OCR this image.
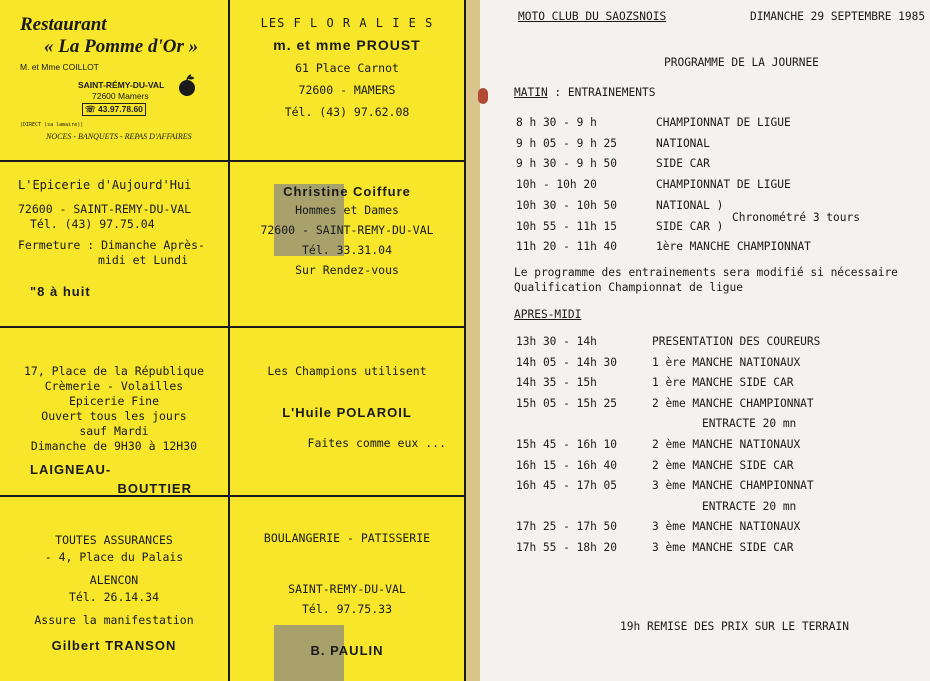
Restaurant
« La Pomme d'Or »
M. et Mme COILLOT
SAINT-RÉMY-DU-VAL
72600 Mamers
☏ 43.97.78.60
(DIRECT (sa lamaire))
NOCES - BANQUETS - REPAS D'AFFAIRES
LES F L O R A L I E S
m. et mme PROUST
61 Place Carnot
72600 - MAMERS
Tél. (43) 97.62.08
L'Epicerie d'Aujourd'Hui
72600 - SAINT-REMY-DU-VAL
Tél. (43) 97.75.04
Fermeture : Dimanche Après-
midi et Lundi
"8 à huit
Christine Coiffure
Hommes et Dames
72600 - SAINT-REMY-DU-VAL
Tél. 33.31.04
Sur Rendez-vous
17, Place de la République
Crèmerie - Volailles
Epicerie Fine
Ouvert tous les jours
sauf Mardi
Dimanche de 9H30 à 12H30
LAIGNEAU-
BOUTTIER
Les Champions utilisent
L'Huile POLAROIL
Faites comme eux ...
TOUTES ASSURANCES
- 4, Place du Palais
ALENCON
Tél. 26.14.34
Assure la manifestation
Gilbert TRANSON
BOULANGERIE - PATISSERIE
SAINT-REMY-DU-VAL
Tél. 97.75.33
B. PAULIN
MOTO CLUB DU SAOZSNOIS	DIMANCHE 29 SEPTEMBRE 1985
PROGRAMME DE LA JOURNEE
MATIN : ENTRAINEMENTS
8 h 30 - 9 h	CHAMPIONNAT DE LIGUE
9 h 05 - 9 h 25	NATIONAL
9 h 30 - 9 h 50	SIDE CAR
10h - 10h 20	CHAMPIONNAT DE LIGUE
10h 30 - 10h 50	NATIONAL )
10h 55 - 11h 15	SIDE CAR )
11h 20 - 11h 40	1ère MANCHE CHAMPIONNAT
Chronométré 3 tours
Le programme des entrainements sera modifié si nécessaire
Qualification Championnat de ligue
APRES-MIDI
13h 30 - 14h	PRESENTATION DES COUREURS
14h 05 - 14h 30	1 ère MANCHE NATIONAUX
14h 35 - 15h	1 ère MANCHE SIDE CAR
15h 05 - 15h 25	2 ème MANCHE CHAMPIONNAT
ENTRACTE 20 mn
15h 45 - 16h 10	2 ème MANCHE NATIONAUX
16h 15 - 16h 40	2 ème MANCHE SIDE CAR
16h 45 - 17h 05	3 ème MANCHE CHAMPIONNAT
ENTRACTE 20 mn
17h 25 - 17h 50	3 ème MANCHE NATIONAUX
17h 55 - 18h 20	3 ème MANCHE SIDE CAR
19h REMISE DES PRIX SUR LE TERRAIN
